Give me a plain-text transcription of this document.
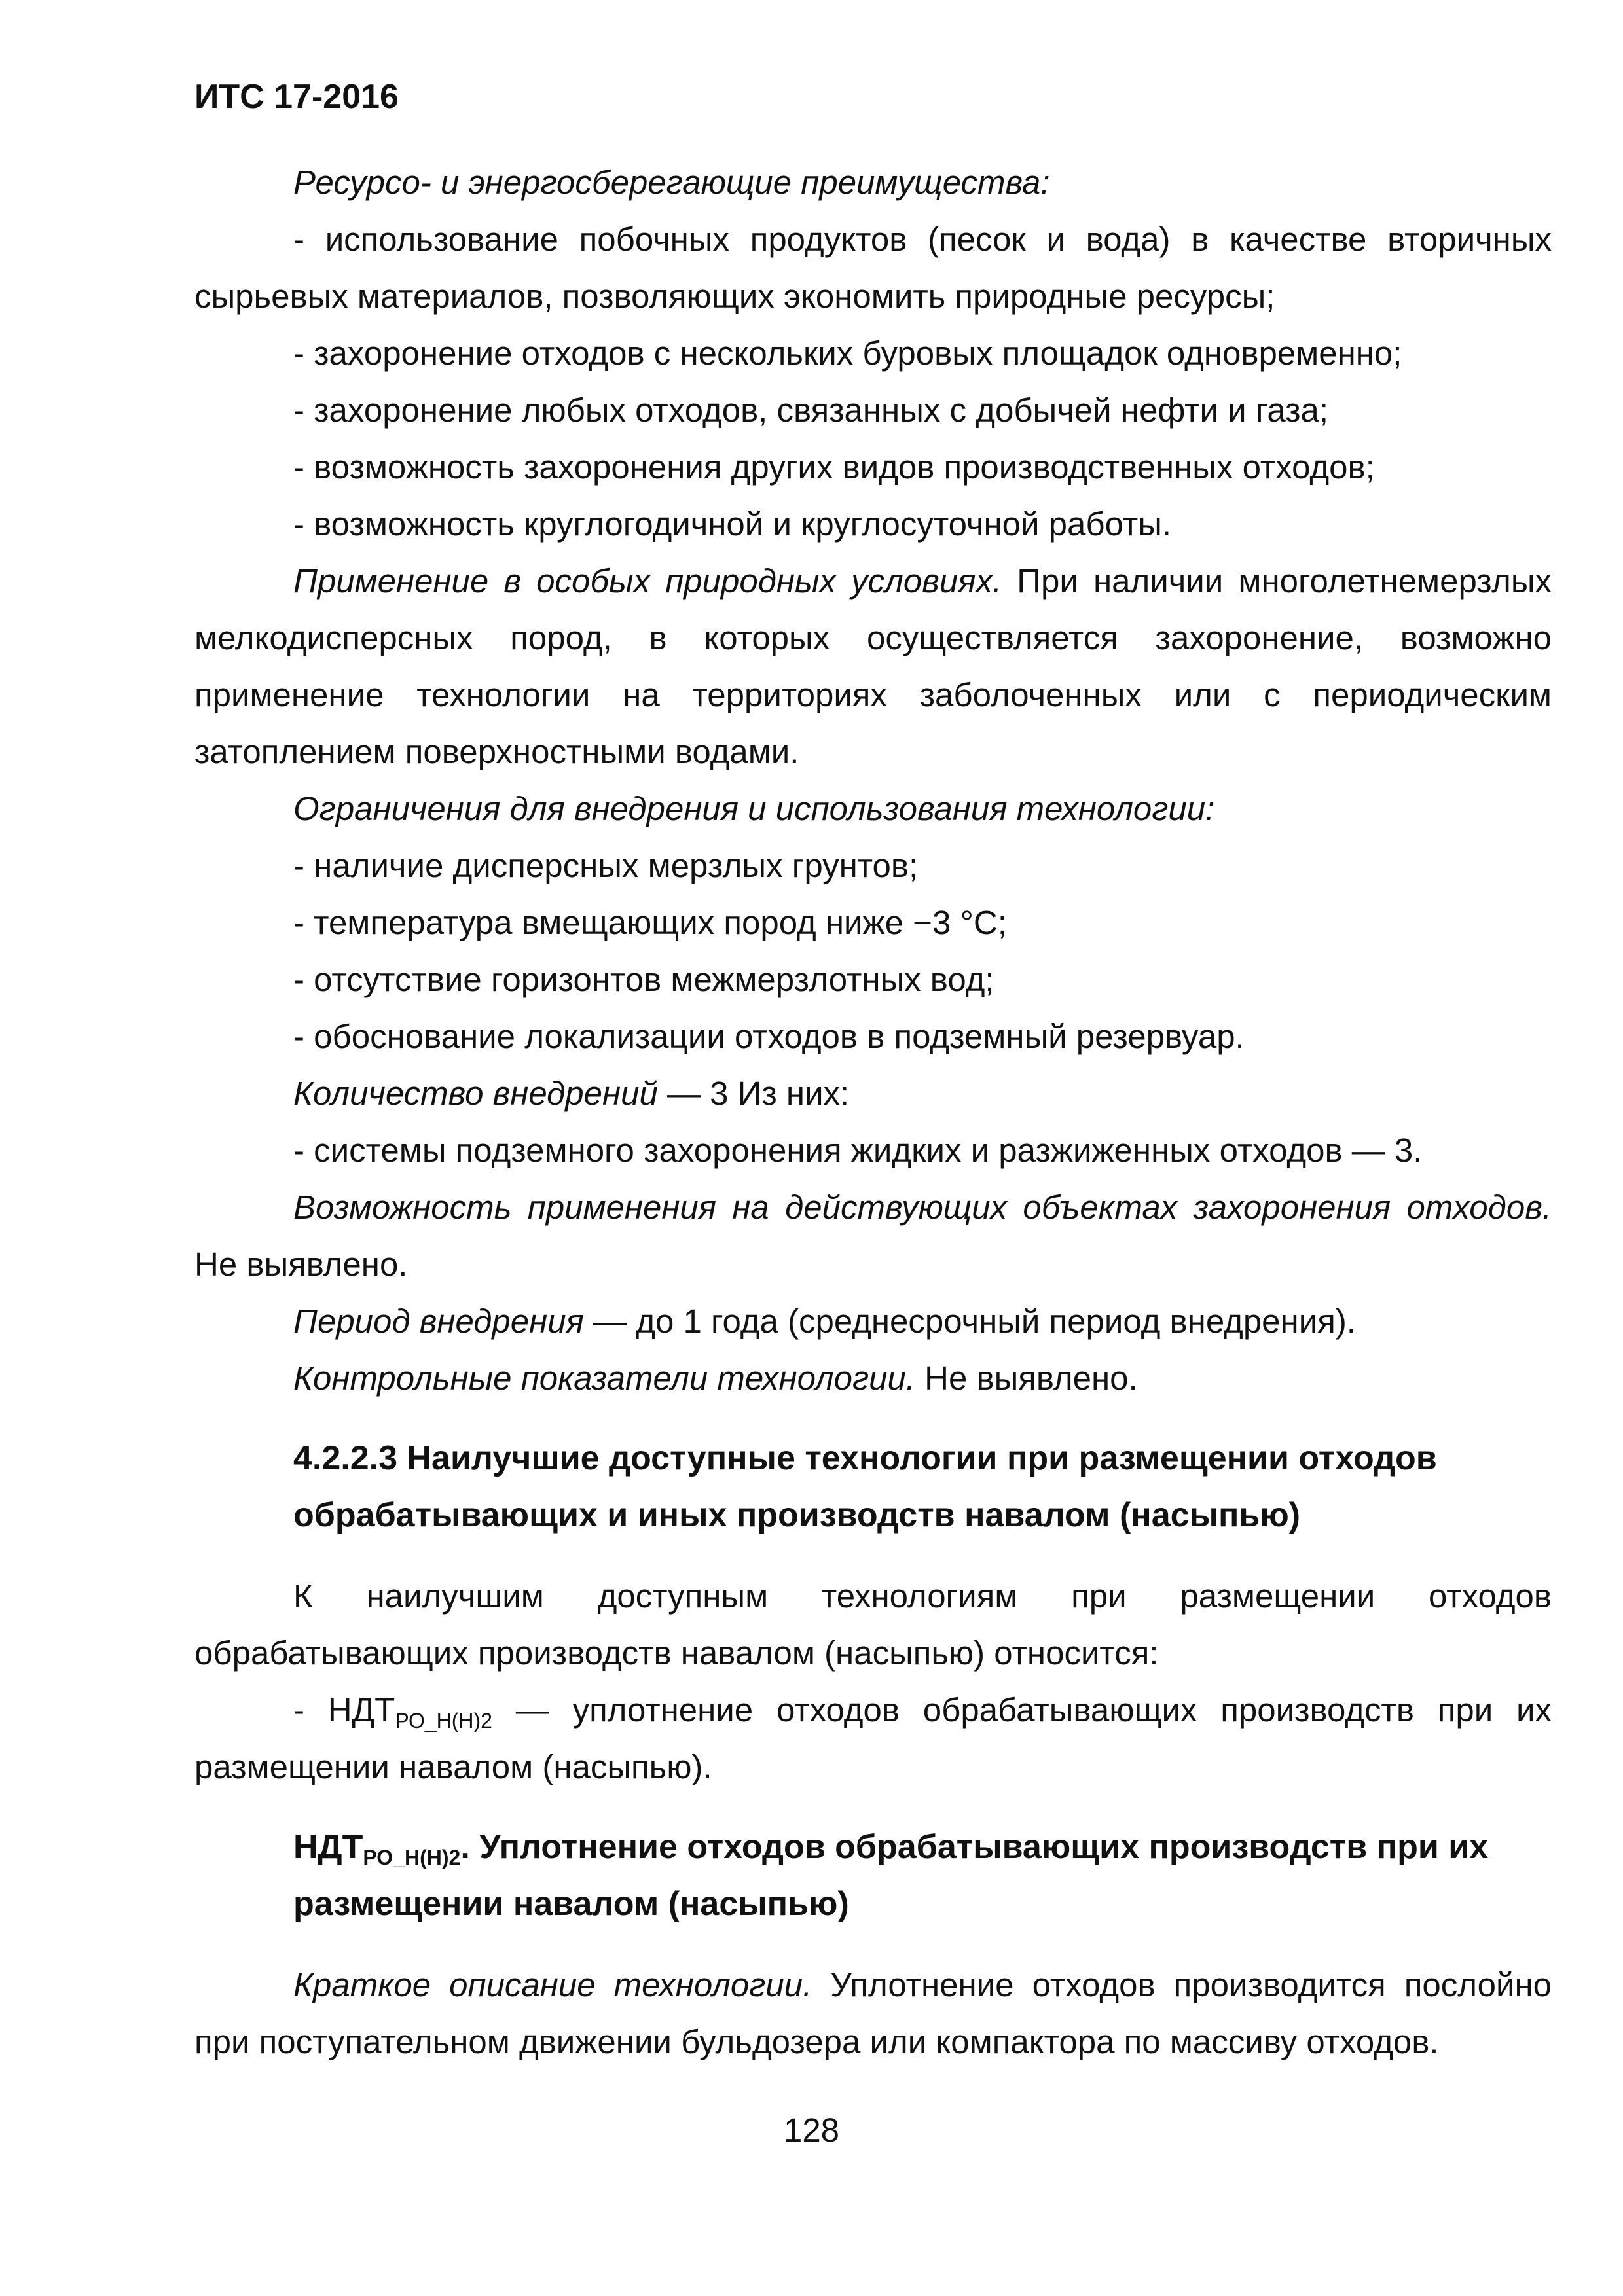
ИТС 17-2016

Ресурсо- и энергосберегающие преимущества:

- использование побочных продуктов (песок и вода) в качестве вторичных сырьевых материалов, позволяющих экономить природные ресурсы;

- захоронение отходов с нескольких буровых площадок одновременно;

- захоронение любых отходов, связанных с добычей нефти и газа;

- возможность захоронения других видов производственных отходов;

- возможность круглогодичной и круглосуточной работы.

Применение в особых природных условиях. При наличии многолетнемерзлых мелкодисперсных пород, в которых осуществляется захоронение, возможно применение технологии на территориях заболоченных или с периодическим затоплением поверхностными водами.

Ограничения для внедрения и использования технологии:

- наличие дисперсных мерзлых грунтов;

- температура вмещающих пород ниже −3 °С;

- отсутствие горизонтов межмерзлотных вод;

- обоснование локализации отходов в подземный резервуар.

Количество внедрений — 3 Из них:

- системы подземного захоронения жидких и разжиженных отходов — 3.

Возможность применения на действующих объектах захоронения отходов. Не выявлено.

Период внедрения — до 1 года (среднесрочный период внедрения).

Контрольные показатели технологии. Не выявлено.

4.2.2.3 Наилучшие доступные технологии при размещении отходов обрабатывающих и иных производств навалом (насыпью)

К наилучшим доступным технологиям при размещении отходов обрабатывающих производств навалом (насыпью) относится:

- $НДТ_{РО\_Н(Н)2}$ — уплотнение отходов обрабатывающих производств при их размещении навалом (насыпью).

$НДТ_{РО\_Н(Н)2}$. Уплотнение отходов обрабатывающих производств при их размещении навалом (насыпью)

Краткое описание технологии. Уплотнение отходов производится послойно при поступательном движении бульдозера или компактора по массиву отходов.

128
